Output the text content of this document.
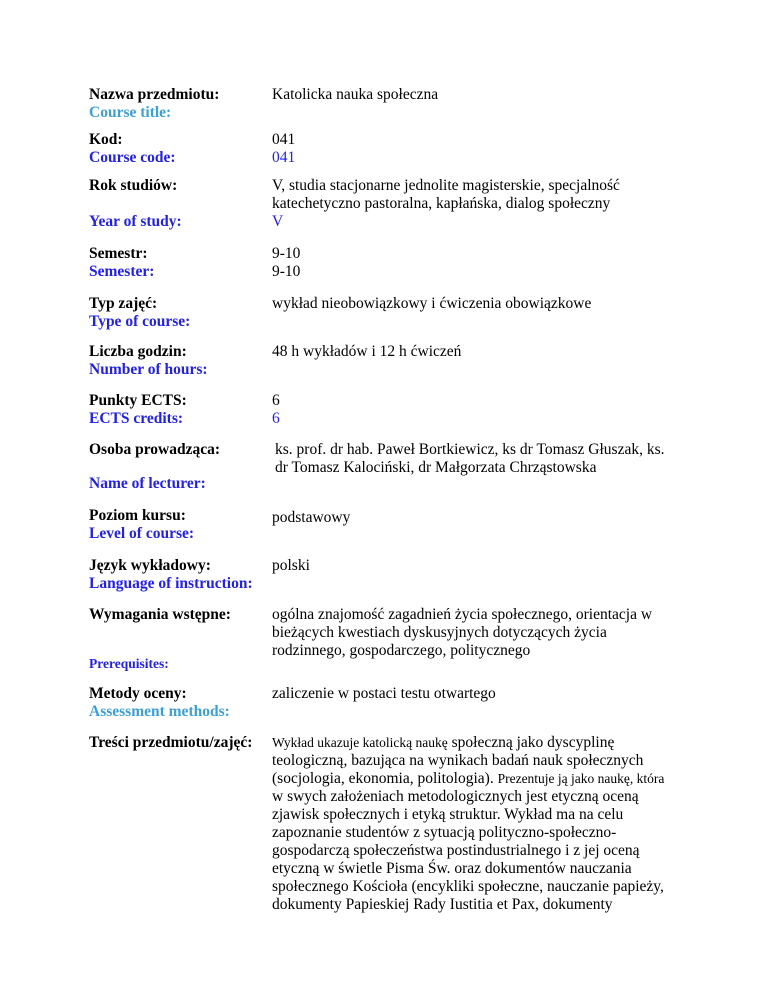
Nazwa przedmiotu:
Course title:
Katolicka nauka społeczna
Kod:
Course code:
041
041
Rok studiów:
Year of study:
V, studia stacjonarne jednolite magisterskie, specjalność katechetyczno pastoralna, kapłańska, dialog społeczny
V
Semestr:
Semester:
9-10
9-10
Typ zajęć:
Type of course:
wykład nieobowiązkowy i ćwiczenia obowiązkowe
Liczba godzin:
Number of hours:
48 h wykładów i 12 h ćwiczeń
Punkty ECTS:
ECTS credits:
6
6
Osoba prowadząca:
Name of lecturer:
ks. prof. dr hab. Paweł Bortkiewicz, ks dr Tomasz Głuszak, ks. dr Tomasz Kalociński, dr Małgorzata Chrząstowska
Poziom kursu:
Level of course:
podstawowy
Język wykładowy:
Language of instruction:
polski
Wymagania wstępne:
Prerequisites:
ogólna znajomość zagadnień życia społecznego, orientacja w bieżących kwestiach dyskusyjnych dotyczących życia rodzinnego, gospodarczego, politycznego
Metody oceny:
Assessment methods:
zaliczenie w postaci testu otwartego
Treści przedmiotu/zajęć: Wykład ukazuje katolicką naukę społeczną jako dyscyplinę teologiczną, bazująca na wynikach badań nauk społecznych (socjologia, ekonomia, politologia). Prezentuje ją jako naukę, która w swych założeniach metodologicznych jest etyczną oceną zjawisk społecznych i etyką struktur. Wykład ma na celu zapoznanie studentów z sytuacją polityczno-społeczno-gospodarczą społeczeństwa postindustrialnego i z jej oceną etyczną w świetle Pisma Św. oraz dokumentów nauczania społecznego Kościoła (encykliki społeczne, nauczanie papieży, dokumenty Papieskiej Rady Iustitia et Pax, dokumenty
